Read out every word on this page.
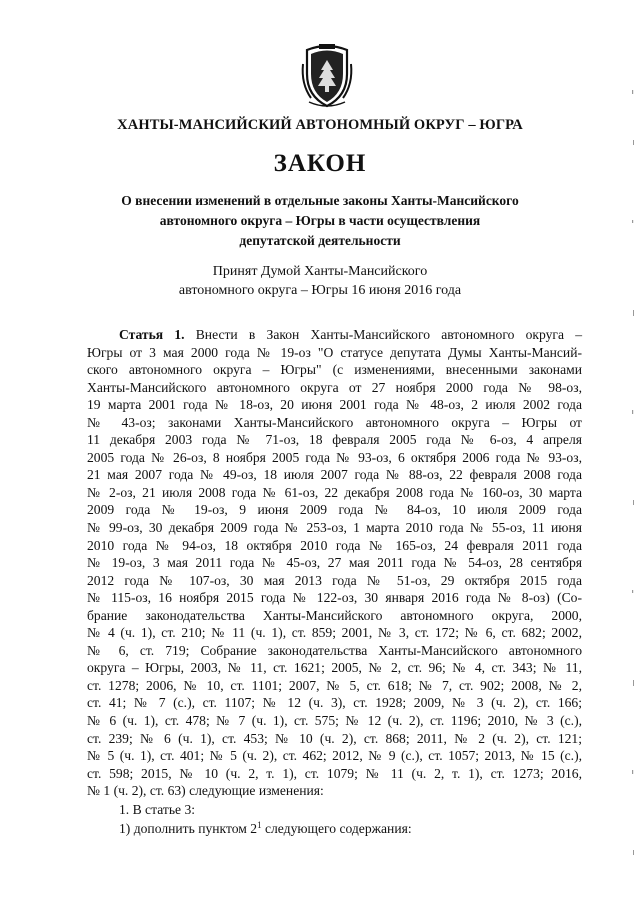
ХАНТЫ-МАНСИЙСКИЙ АВТОНОМНЫЙ ОКРУГ – ЮГРА
ЗАКОН
О внесении изменений в отдельные законы Ханты-Мансийского
автономного округа – Югры в части осуществления
депутатской деятельности
Принят Думой Ханты-Мансийского
автономного округа – Югры 16 июня 2016 года
Статья 1. Внести в Закон Ханты-Мансийского автономного округа –
Югры от 3 мая 2000 года № 19-оз "О статусе депутата Думы Ханты-Мансий-
ского автономного округа – Югры" (с изменениями, внесенными законами
Ханты-Мансийского автономного округа от 27 ноября 2000 года № 98-оз,
19 марта 2001 года № 18-оз, 20 июня 2001 года № 48-оз, 2 июля 2002 года
№ 43-оз; законами Ханты-Мансийского автономного округа – Югры от
11 декабря 2003 года № 71-оз, 18 февраля 2005 года № 6-оз, 4 апреля
2005 года № 26-оз, 8 ноября 2005 года № 93-оз, 6 октября 2006 года № 93-оз,
21 мая 2007 года № 49-оз, 18 июля 2007 года № 88-оз, 22 февраля 2008 года
№ 2-оз, 21 июля 2008 года № 61-оз, 22 декабря 2008 года № 160-оз, 30 марта
2009 года № 19-оз, 9 июня 2009 года № 84-оз, 10 июля 2009 года
№ 99-оз, 30 декабря 2009 года № 253-оз, 1 марта 2010 года № 55-оз, 11 июня
2010 года № 94-оз, 18 октября 2010 года № 165-оз, 24 февраля 2011 года
№ 19-оз, 3 мая 2011 года № 45-оз, 27 мая 2011 года № 54-оз, 28 сентября
2012 года № 107-оз, 30 мая 2013 года № 51-оз, 29 октября 2015 года
№ 115-оз, 16 ноября 2015 года № 122-оз, 30 января 2016 года № 8-оз) (Со-
брание законодательства Ханты-Мансийского автономного округа, 2000,
№ 4 (ч. 1), ст. 210; № 11 (ч. 1), ст. 859; 2001, № 3, ст. 172; № 6, ст. 682; 2002,
№ 6, ст. 719; Собрание законодательства Ханты-Мансийского автономного
округа – Югры, 2003, № 11, ст. 1621; 2005, № 2, ст. 96; № 4, ст. 343; № 11,
ст. 1278; 2006, № 10, ст. 1101; 2007, № 5, ст. 618; № 7, ст. 902; 2008, № 2,
ст. 41; № 7 (с.), ст. 1107; № 12 (ч. 3), ст. 1928; 2009, № 3 (ч. 2), ст. 166;
№ 6 (ч. 1), ст. 478; № 7 (ч. 1), ст. 575; № 12 (ч. 2), ст. 1196; 2010, № 3 (с.),
ст. 239; № 6 (ч. 1), ст. 453; № 10 (ч. 2), ст. 868; 2011, № 2 (ч. 2), ст. 121;
№ 5 (ч. 1), ст. 401; № 5 (ч. 2), ст. 462; 2012, № 9 (с.), ст. 1057; 2013, № 15 (с.),
ст. 598; 2015, № 10 (ч. 2, т. 1), ст. 1079; № 11 (ч. 2, т. 1), ст. 1273; 2016,
№ 1 (ч. 2), ст. 63) следующие изменения:
1. В статье 3:
1) дополнить пунктом $2^1$ следующего содержания:
